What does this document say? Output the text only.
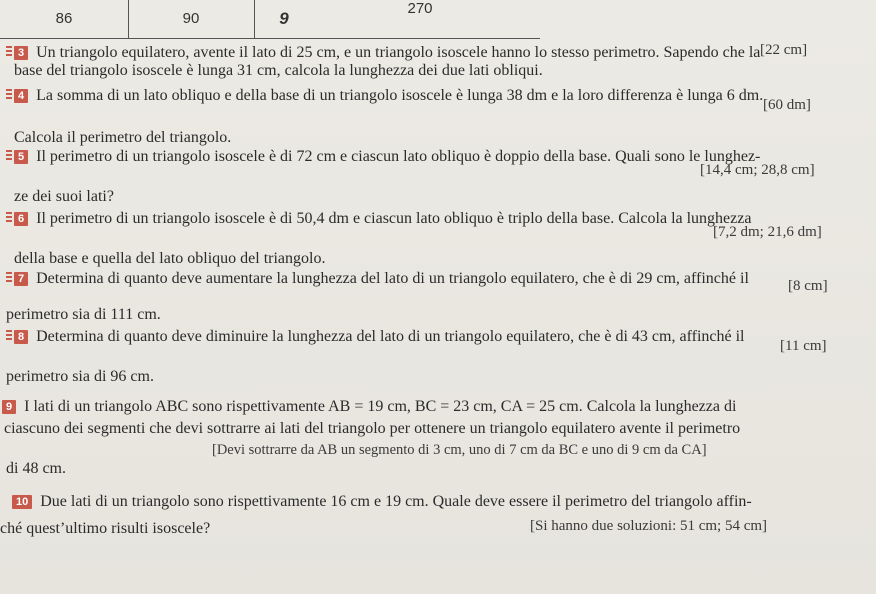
86	90	9
270
3 Un triangolo equilatero, avente il lato di 25 cm, e un triangolo isoscele hanno lo stesso perimetro. Sapendo che la [22 cm]
base del triangolo isoscele è lunga 31 cm, calcola la lunghezza dei due lati obliqui.
4 La somma di un lato obliquo e della base di un triangolo isoscele è lunga 38 dm e la loro differenza è lunga 6 dm.
[60 dm]
Calcola il perimetro del triangolo.
5 Il perimetro di un triangolo isoscele è di 72 cm e ciascun lato obliquo è doppio della base. Quali sono le lunghez-
[14,4 cm; 28,8 cm]
ze dei suoi lati?
6 Il perimetro di un triangolo isoscele è di 50,4 dm e ciascun lato obliquo è triplo della base. Calcola la lunghezza
[7,2 dm; 21,6 dm]
della base e quella del lato obliquo del triangolo.
7 Determina di quanto deve aumentare la lunghezza del lato di un triangolo equilatero, che è di 29 cm, affinché il	[8 cm]
perimetro sia di 111 cm.
8 Determina di quanto deve diminuire la lunghezza del lato di un triangolo equilatero, che è di 43 cm, affinché il
[11 cm]
perimetro sia di 96 cm.
9 I lati di un triangolo ABC sono rispettivamente AB = 19 cm, BC = 23 cm, CA = 25 cm. Calcola la lunghezza di
ciascuno dei segmenti che devi sottrarre ai lati del triangolo per ottenere un triangolo equilatero avente il perimetro
di 48 cm.
[Devi sottrarre da AB un segmento di 3 cm, uno di 7 cm da BC e uno di 9 cm da CA]
10 Due lati di un triangolo sono rispettivamente 16 cm e 19 cm. Quale deve essere il perimetro del triangolo affin-
[Si hanno due soluzioni: 51 cm; 54 cm]
ché quest’ultimo risulti isoscele?
